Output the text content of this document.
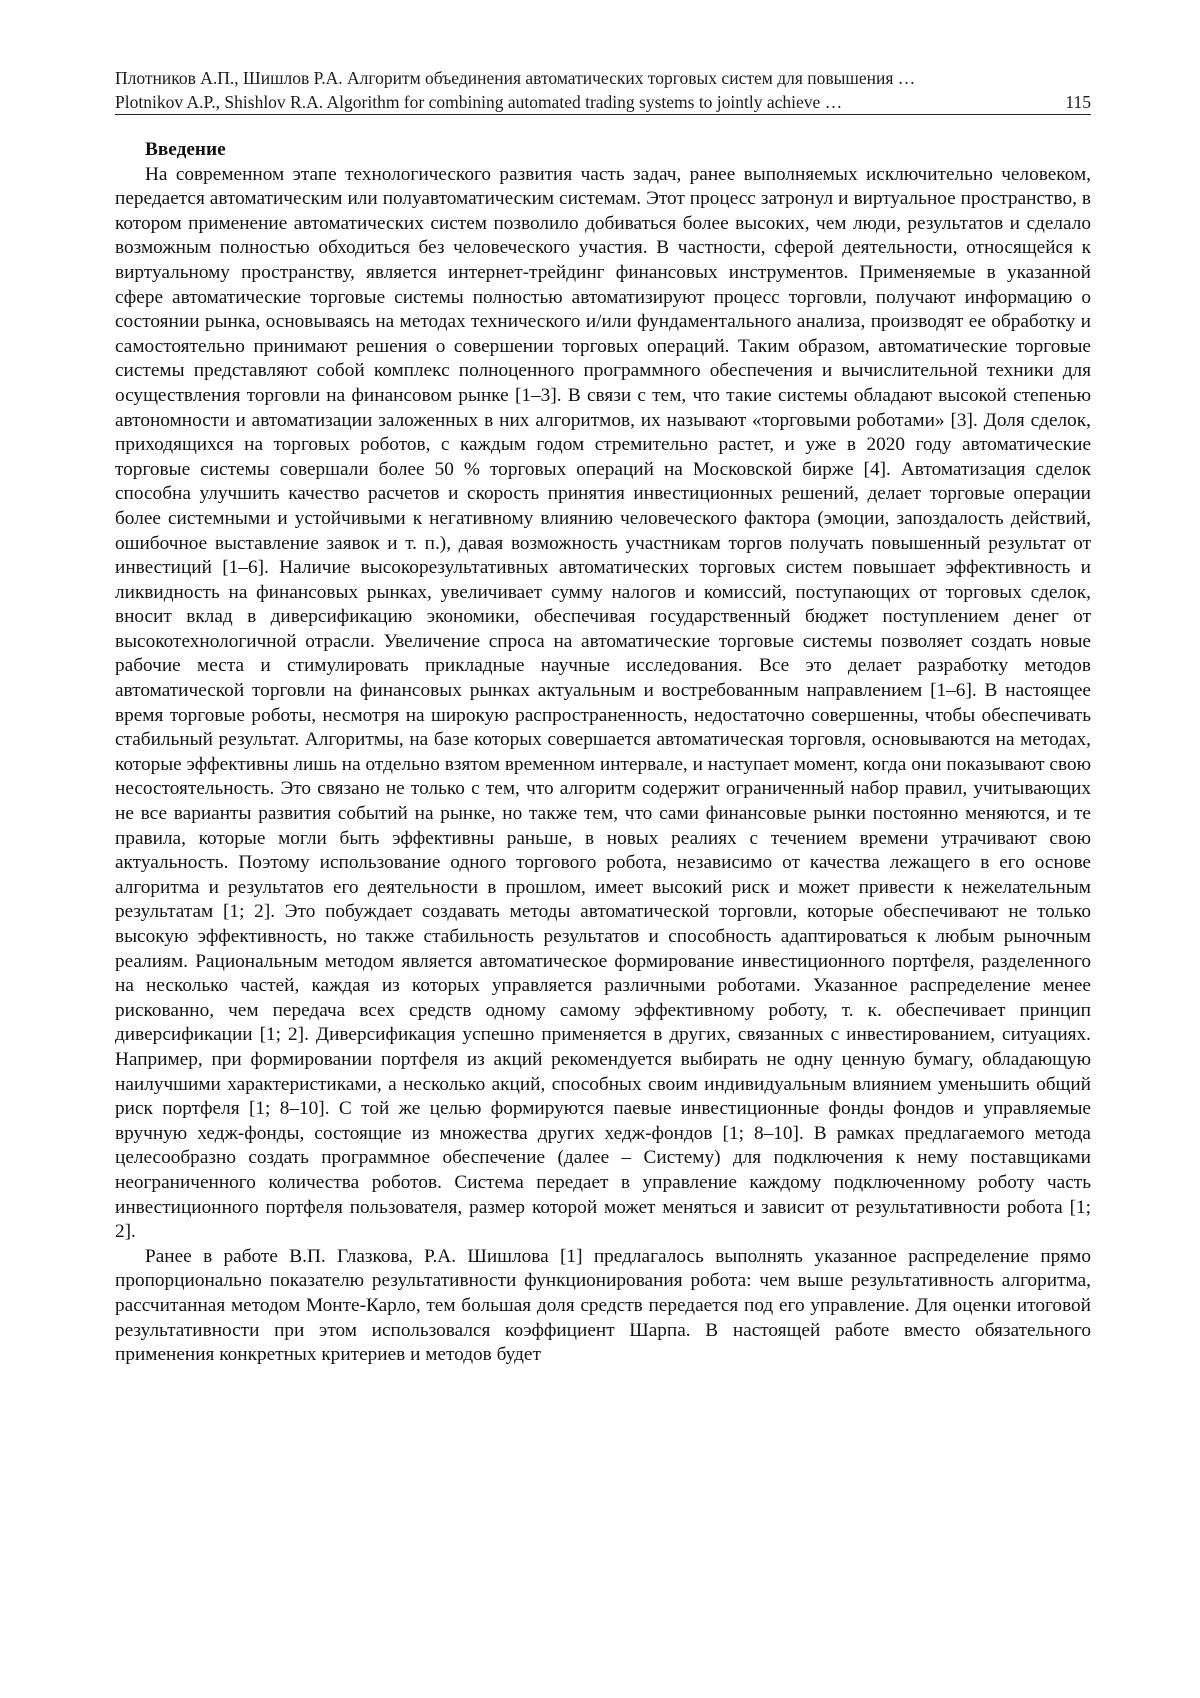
Плотников А.П., Шишлов Р.А. Алгоритм объединения автоматических торговых систем для повышения …
Plotnikov A.P., Shishlov R.A. Algorithm for combining automated trading systems to jointly achieve …	115
Введение

На современном этапе технологического развития часть задач, ранее выполняемых исключительно человеком, передается автоматическим или полуавтоматическим системам. Этот процесс затронул и виртуальное пространство, в котором применение автоматических систем позволило добиваться более высоких, чем люди, результатов и сделало возможным полностью обходиться без человеческого участия. В частности, сферой деятельности, относящейся к виртуальному пространству, является интернет-трейдинг финансовых инструментов. Применяемые в указанной сфере автоматические торговые системы полностью автоматизируют процесс торговли, получают информацию о состоянии рынка, основываясь на методах технического и/или фундаментального анализа, производят ее обработку и самостоятельно принимают решения о совершении торговых операций. Таким образом, автоматические торговые системы представляют собой комплекс полноценного программного обеспечения и вычислительной техники для осуществления торговли на финансовом рынке [1–3]. В связи с тем, что такие системы обладают высокой степенью автономности и автоматизации заложенных в них алгоритмов, их называют «торговыми роботами» [3]. Доля сделок, приходящихся на торговых роботов, с каждым годом стремительно растет, и уже в 2020 году автоматические торговые системы совершали более 50 % торговых операций на Московской бирже [4]. Автоматизация сделок способна улучшить качество расчетов и скорость принятия инвестиционных решений, делает торговые операции более системными и устойчивыми к негативному влиянию человеческого фактора (эмоции, запоздалость действий, ошибочное выставление заявок и т. п.), давая возможность участникам торгов получать повышенный результат от инвестиций [1–6]. Наличие высокорезультативных автоматических торговых систем повышает эффективность и ликвидность на финансовых рынках, увеличивает сумму налогов и комиссий, поступающих от торговых сделок, вносит вклад в диверсификацию экономики, обеспечивая государственный бюджет поступлением денег от высокотехнологичной отрасли. Увеличение спроса на автоматические торговые системы позволяет создать новые рабочие места и стимулировать прикладные научные исследования. Все это делает разработку методов автоматической торговли на финансовых рынках актуальным и востребованным направлением [1–6]. В настоящее время торговые роботы, несмотря на широкую распространенность, недостаточно совершенны, чтобы обеспечивать стабильный результат. Алгоритмы, на базе которых совершается автоматическая торговля, основываются на методах, которые эффективны лишь на отдельно взятом временном интервале, и наступает момент, когда они показывают свою несостоятельность. Это связано не только с тем, что алгоритм содержит ограниченный набор правил, учитывающих не все варианты развития событий на рынке, но также тем, что сами финансовые рынки постоянно меняются, и те правила, которые могли быть эффективны раньше, в новых реалиях с течением времени утрачивают свою актуальность. Поэтому использование одного торгового робота, независимо от качества лежащего в его основе алгоритма и результатов его деятельности в прошлом, имеет высокий риск и может привести к нежелательным результатам [1; 2]. Это побуждает создавать методы автоматической торговли, которые обеспечивают не только высокую эффективность, но также стабильность результатов и способность адаптироваться к любым рыночным реалиям. Рациональным методом является автоматическое формирование инвестиционного портфеля, разделенного на несколько частей, каждая из которых управляется различными роботами. Указанное распределение менее рискованно, чем передача всех средств одному самому эффективному роботу, т. к. обеспечивает принцип диверсификации [1; 2]. Диверсификация успешно применяется в других, связанных с инвестированием, ситуациях. Например, при формировании портфеля из акций рекомендуется выбирать не одну ценную бумагу, обладающую наилучшими характеристиками, а несколько акций, способных своим индивидуальным влиянием уменьшить общий риск портфеля [1; 8–10]. С той же целью формируются паевые инвестиционные фонды фондов и управляемые вручную хедж-фонды, состоящие из множества других хедж-фондов [1; 8–10]. В рамках предлагаемого метода целесообразно создать программное обеспечение (далее – Систему) для подключения к нему поставщиками неограниченного количества роботов. Система передает в управление каждому подключенному роботу часть инвестиционного портфеля пользователя, размер которой может меняться и зависит от результативности робота [1; 2].

Ранее в работе В.П. Глазкова, Р.А. Шишлова [1] предлагалось выполнять указанное распределение прямо пропорционально показателю результативности функционирования робота: чем выше результативность алгоритма, рассчитанная методом Монте-Карло, тем большая доля средств передается под его управление. Для оценки итоговой результативности при этом использовался коэффициент Шарпа. В настоящей работе вместо обязательного применения конкретных критериев и методов будет
